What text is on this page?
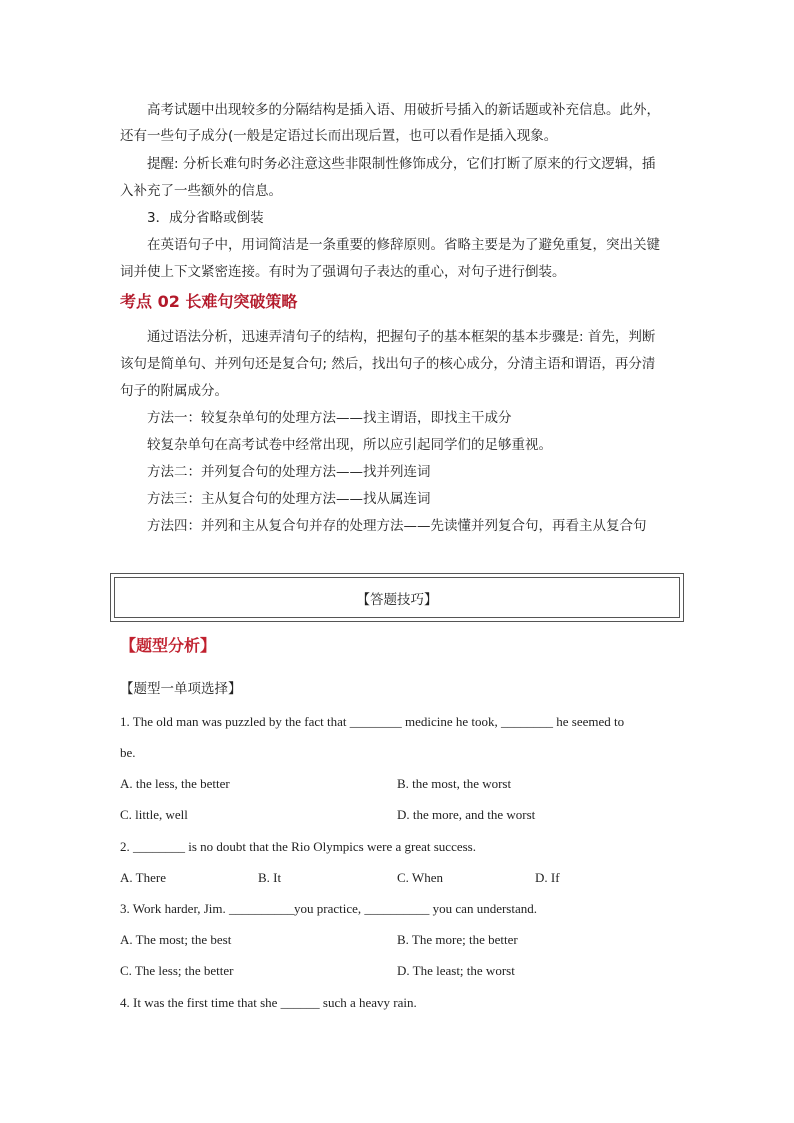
高考试题中出现较多的分隔结构是插入语、用破折号插入的新话题或补充信息。此外，
还有一些句子成分(一般是定语过长而出现后置，也可以看作是插入现象。
提醒: 分析长难句时务必注意这些非限制性修饰成分，它们打断了原来的行文逻辑，插
入补充了一些额外的信息。
3．成分省略或倒装
在英语句子中，用词简洁是一条重要的修辞原则。省略主要是为了避免重复，突出关键
词并使上下文紧密连接。有时为了强调句子表达的重心，对句子进行倒装。
考点 02 长难句突破策略
通过语法分析，迅速弄清句子的结构，把握句子的基本框架的基本步骤是: 首先，判断
该句是简单句、并列句还是复合句; 然后，找出句子的核心成分，分清主语和谓语，再分清
句子的附属成分。
方法一：较复杂单句的处理方法——找主谓语，即找主干成分
较复杂单句在高考试卷中经常出现，所以应引起同学们的足够重视。
方法二：并列复合句的处理方法——找并列连词
方法三：主从复合句的处理方法——找从属连词
方法四：并列和主从复合句并存的处理方法——先读懂并列复合句，再看主从复合句
【答题技巧】
【题型分析】
【题型一单项选择】
1. The old man was puzzled by the fact that ________ medicine he took, ________ he seemed to
be.
A. the less, the better	B. the most, the worst
C. little, well	D. the more, and the worst
2. ________ is no doubt that the Rio Olympics were a great success.
A. There	B. It	C. When	D. If
3. Work harder, Jim. __________you practice, __________ you can understand.
A. The most; the best	B. The more; the better
C. The less; the better	D. The least; the worst
4. It was the first time that she ______ such a heavy rain.
